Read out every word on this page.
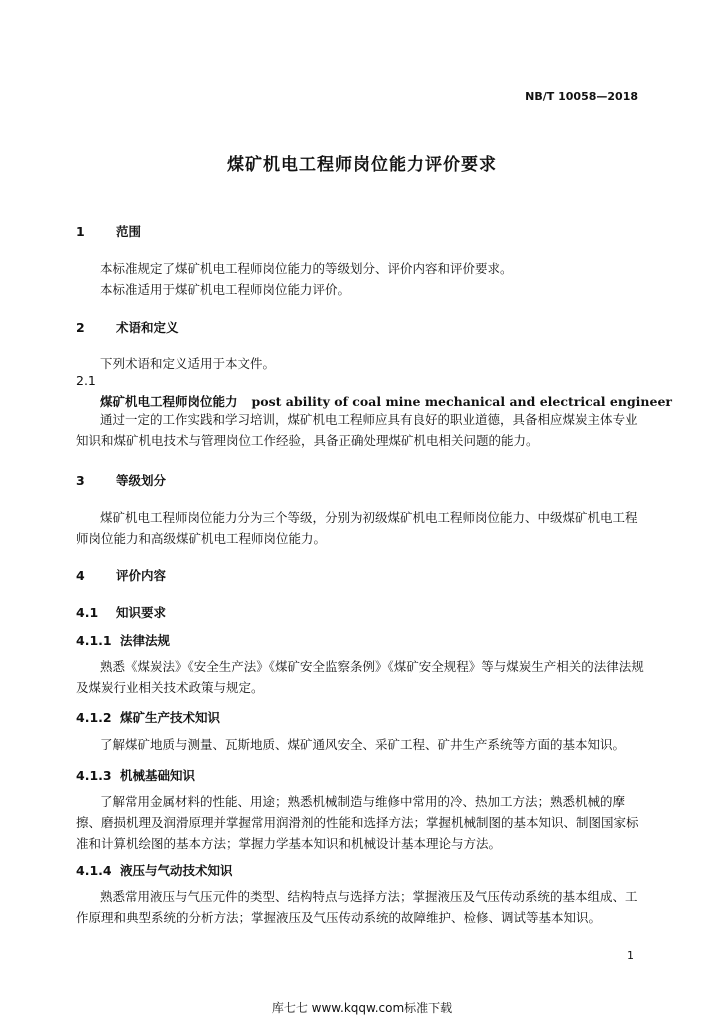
NB/T 10058—2018
煤矿机电工程师岗位能力评价要求
1	范围
本标准规定了煤矿机电工程师岗位能力的等级划分、评价内容和评价要求。
本标准适用于煤矿机电工程师岗位能力评价。
2	术语和定义
下列术语和定义适用于本文件。
2.1
煤矿机电工程师岗位能力 post ability of coal mine mechanical and electrical engineer
通过一定的工作实践和学习培训，煤矿机电工程师应具有良好的职业道德，具备相应煤炭主体专业知识和煤矿机电技术与管理岗位工作经验，具备正确处理煤矿机电相关问题的能力。
3	等级划分
煤矿机电工程师岗位能力分为三个等级，分别为初级煤矿机电工程师岗位能力、中级煤矿机电工程师岗位能力和高级煤矿机电工程师岗位能力。
4	评价内容
4.1 知识要求
4.1.1 法律法规
熟悉《煤炭法》《安全生产法》《煤矿安全监察条例》《煤矿安全规程》等与煤炭生产相关的法律法规及煤炭行业相关技术政策与规定。
4.1.2 煤矿生产技术知识
了解煤矿地质与测量、瓦斯地质、煤矿通风安全、采矿工程、矿井生产系统等方面的基本知识。
4.1.3 机械基础知识
了解常用金属材料的性能、用途；熟悉机械制造与维修中常用的冷、热加工方法；熟悉机械的摩擦、磨损机理及润滑原理并掌握常用润滑剂的性能和选择方法；掌握机械制图的基本知识、制图国家标准和计算机绘图的基本方法；掌握力学基本知识和机械设计基本理论与方法。
4.1.4 液压与气动技术知识
熟悉常用液压与气压元件的类型、结构特点与选择方法；掌握液压及气压传动系统的基本组成、工作原理和典型系统的分析方法；掌握液压及气压传动系统的故障维护、检修、调试等基本知识。
1
库七七 www.kqqw.com标准下载
